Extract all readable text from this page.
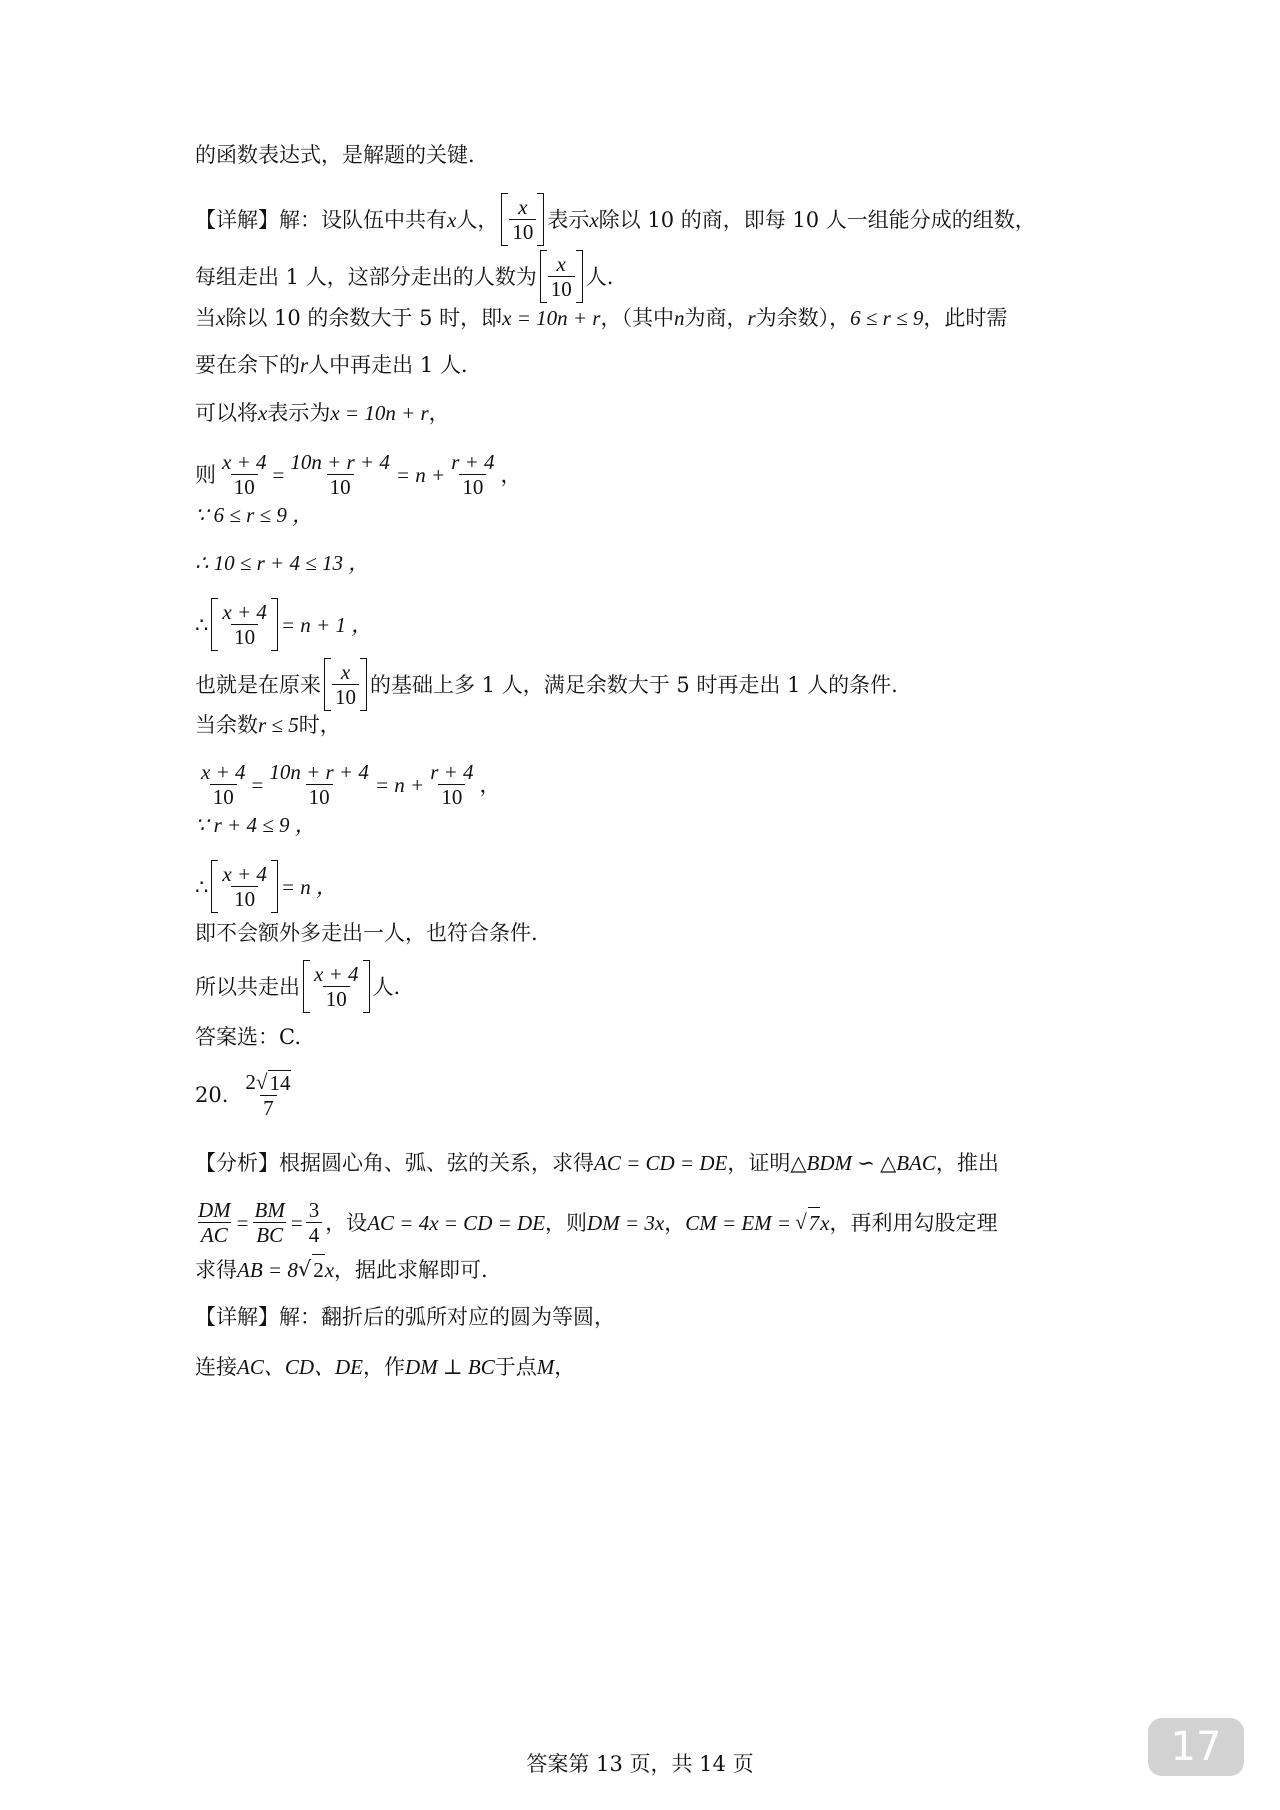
的函数表达式，是解题的关键.
【详解】解：设队伍中共有 x 人， $\frac{x}{10}$ 表示 x 除以 10 的商，即每 10 人一组能分成的组数，
每组走出 1 人，这部分走出的人数为 $\frac{x}{10}$ 人.
当 x 除以 10 的余数大于 5 时，即 x = 10n + r ，（其中 n 为商， r 为余数）， 6 ≤ r ≤ 9 ，此时需
要在余下的 r 人中再走出 1 人.
可以将 x 表示为 x = 10n + r ，
则 $\frac{x + 4}{10} = \frac{10n + r + 4}{10} = n + \frac{r + 4}{10}$ ，
∵ 6 ≤ r ≤ 9 ，
∴ 10 ≤ r + 4 ≤ 13 ，
∴ $\frac{x + 4}{10} = n + 1$ ，
也就是在原来 $\frac{x}{10}$ 的基础上多 1 人，满足余数大于 5 时再走出 1 人的条件.
当余数 r ≤ 5 时，
$\frac{x + 4}{10} = \frac{10n + r + 4}{10} = n + \frac{r + 4}{10}$ ，
∵ r + 4 ≤ 9 ，
∴ $\frac{x + 4}{10} = n$ ，
即不会额外多走出一人，也符合条件.
所以共走出 $\frac{x + 4}{10}$ 人.
答案选：C.
20. $\frac{2 √ 14}{7}$
【分析】根据圆心角、弧、弦的关系，求得 AC = CD = DE ，证明 △BDM ∽ △BAC ，推出
$\frac{DM}{AC} = \frac{BM}{BC} = \frac{3}{4}$ ，设 AC = 4x = CD = DE ，则 DM = 3x ， CM = EM = √ 7 x ，再利用勾股定理
求得 AB = 8 √ 2 x ，据此求解即可.
【详解】解：翻折后的弧所对应的圆为等圆，
连接 AC、CD、DE ，作 DM ⊥ BC 于点 M ，
答案第 13 页，共 14 页	17
